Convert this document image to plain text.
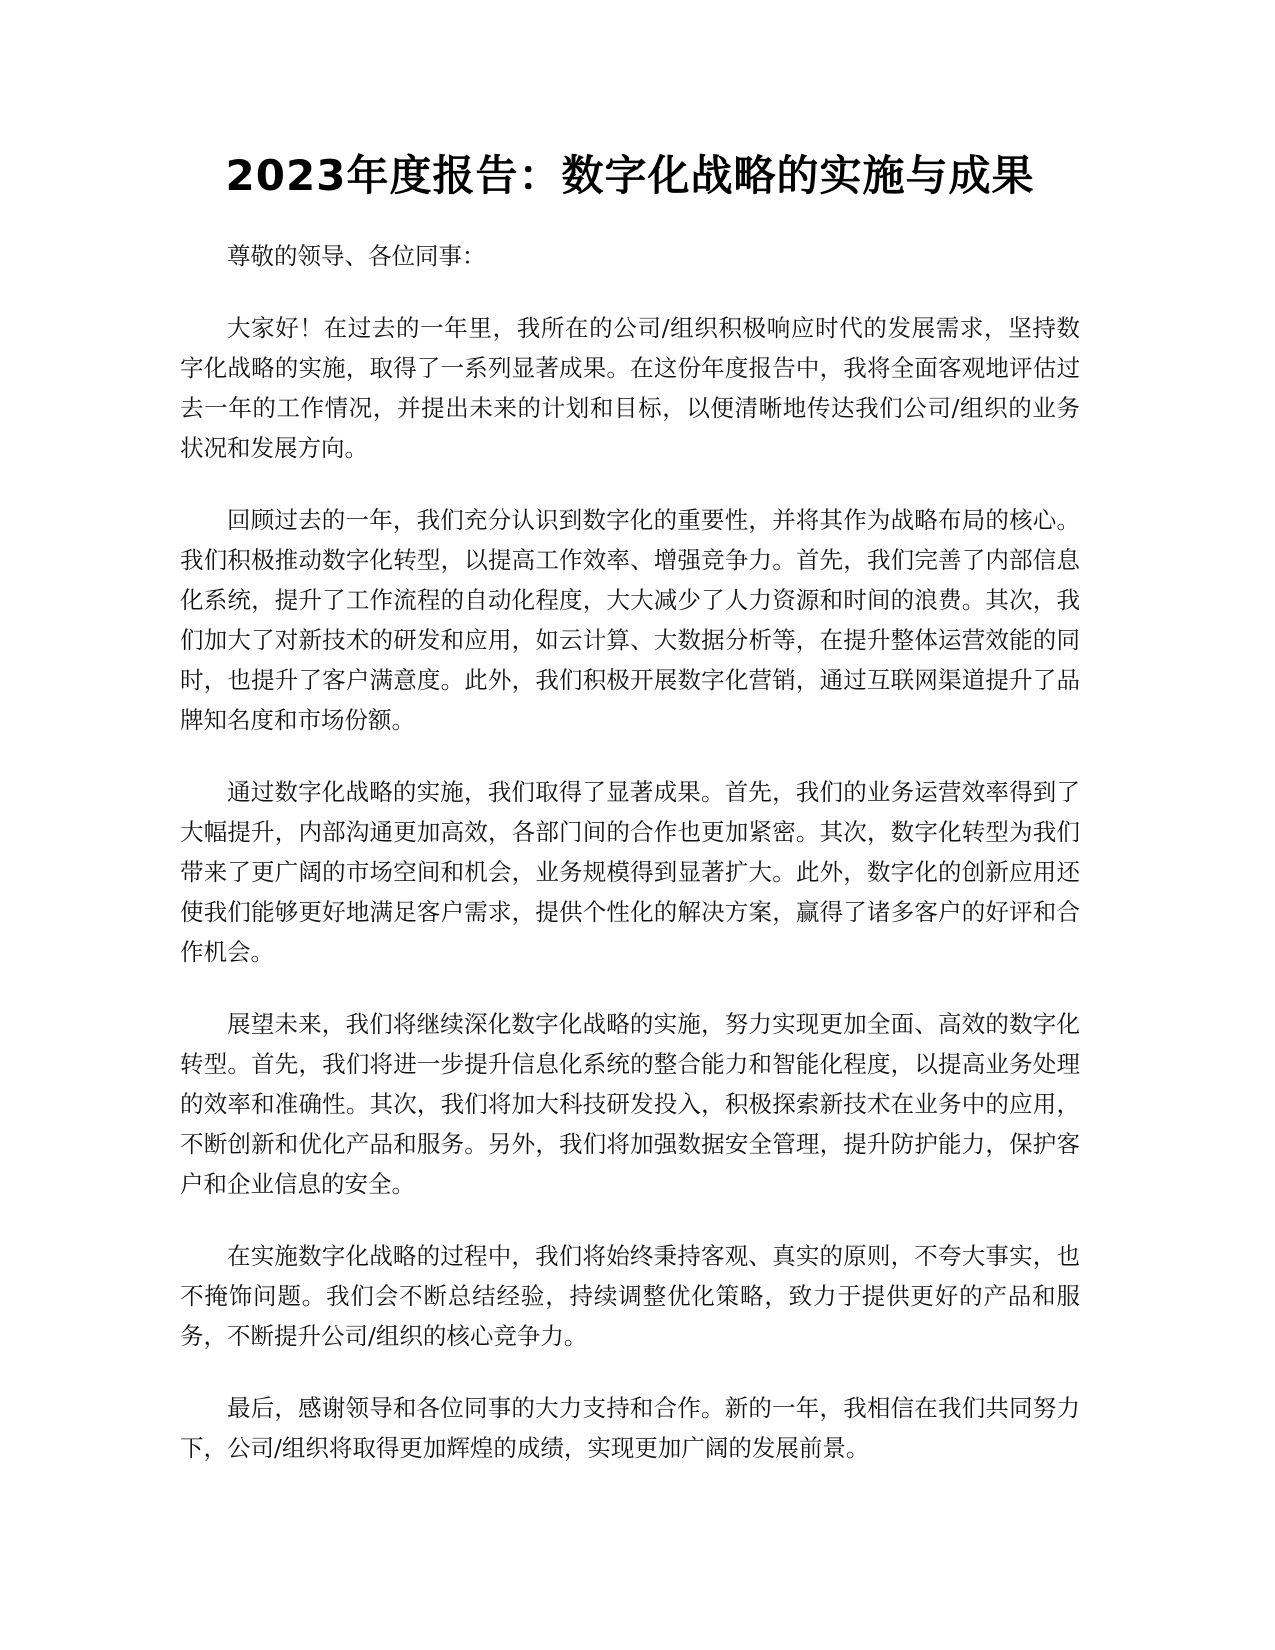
2023年度报告：数字化战略的实施与成果

尊敬的领导、各位同事：

大家好！在过去的一年里，我所在的公司/组织积极响应时代的发展需求，坚持数字化战略的实施，取得了一系列显著成果。在这份年度报告中，我将全面客观地评估过去一年的工作情况，并提出未来的计划和目标，以便清晰地传达我们公司/组织的业务状况和发展方向。

回顾过去的一年，我们充分认识到数字化的重要性，并将其作为战略布局的核心。我们积极推动数字化转型，以提高工作效率、增强竞争力。首先，我们完善了内部信息化系统，提升了工作流程的自动化程度，大大减少了人力资源和时间的浪费。其次，我们加大了对新技术的研发和应用，如云计算、大数据分析等，在提升整体运营效能的同时，也提升了客户满意度。此外，我们积极开展数字化营销，通过互联网渠道提升了品牌知名度和市场份额。

通过数字化战略的实施，我们取得了显著成果。首先，我们的业务运营效率得到了大幅提升，内部沟通更加高效，各部门间的合作也更加紧密。其次，数字化转型为我们带来了更广阔的市场空间和机会，业务规模得到显著扩大。此外，数字化的创新应用还使我们能够更好地满足客户需求，提供个性化的解决方案，赢得了诸多客户的好评和合作机会。

展望未来，我们将继续深化数字化战略的实施，努力实现更加全面、高效的数字化转型。首先，我们将进一步提升信息化系统的整合能力和智能化程度，以提高业务处理的效率和准确性。其次，我们将加大科技研发投入，积极探索新技术在业务中的应用，不断创新和优化产品和服务。另外，我们将加强数据安全管理，提升防护能力，保护客户和企业信息的安全。

在实施数字化战略的过程中，我们将始终秉持客观、真实的原则，不夸大事实，也不掩饰问题。我们会不断总结经验，持续调整优化策略，致力于提供更好的产品和服务，不断提升公司/组织的核心竞争力。

最后，感谢领导和各位同事的大力支持和合作。新的一年，我相信在我们共同努力下，公司/组织将取得更加辉煌的成绩，实现更加广阔的发展前景。
